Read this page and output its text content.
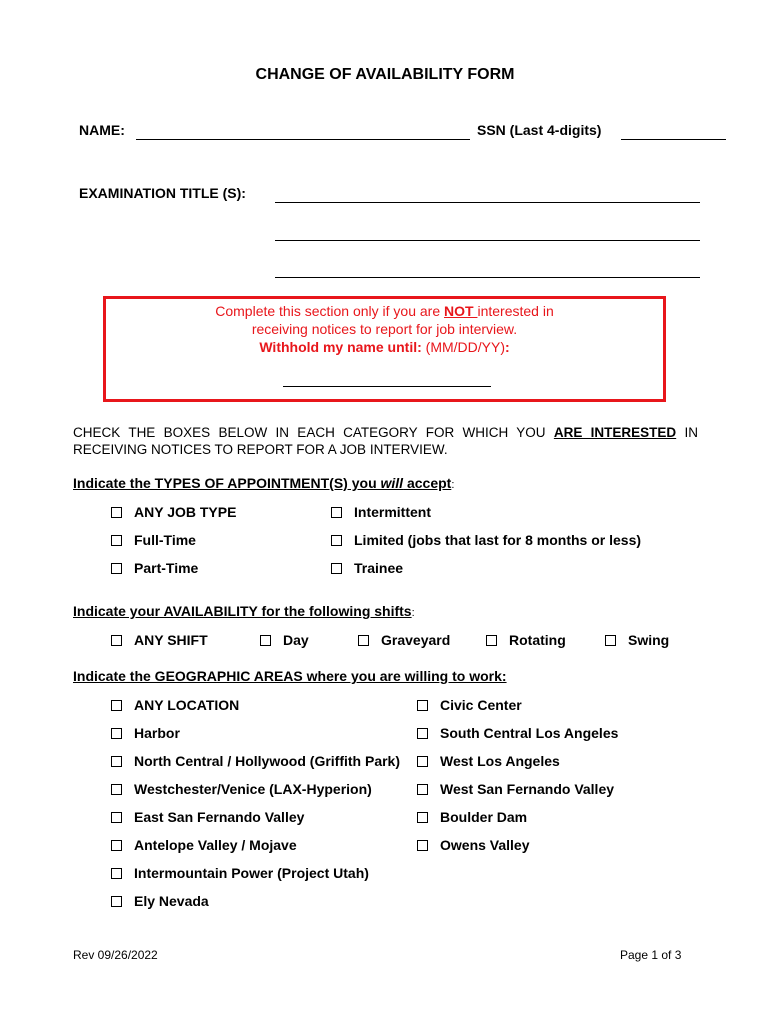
CHANGE OF AVAILABILITY FORM
NAME:	SSN (Last 4-digits)
EXAMINATION TITLE (S):
Complete this section only if you are NOT interested in
receiving notices to report for job interview.
Withhold my name until: (MM/DD/YY):
CHECK THE BOXES BELOW IN EACH CATEGORY FOR WHICH YOU ARE INTERESTED IN RECEIVING NOTICES TO REPORT FOR A JOB INTERVIEW.
Indicate the TYPES OF APPOINTMENT(S) you will accept:
ANY JOB TYPE	Intermittent
Full-Time	Limited (jobs that last for 8 months or less)
Part-Time	Trainee
Indicate your AVAILABILITY for the following shifts:
ANY SHIFT	Day	Graveyard	Rotating	Swing
Indicate the GEOGRAPHIC AREAS where you are willing to work:
ANY LOCATION	Civic Center
Harbor	South Central Los Angeles
North Central / Hollywood (Griffith Park)	West Los Angeles
Westchester/Venice (LAX-Hyperion)	West San Fernando Valley
East San Fernando Valley	Boulder Dam
Antelope Valley / Mojave	Owens Valley
Intermountain Power (Project Utah)
Ely Nevada
Rev 09/26/2022	Page 1 of 3
